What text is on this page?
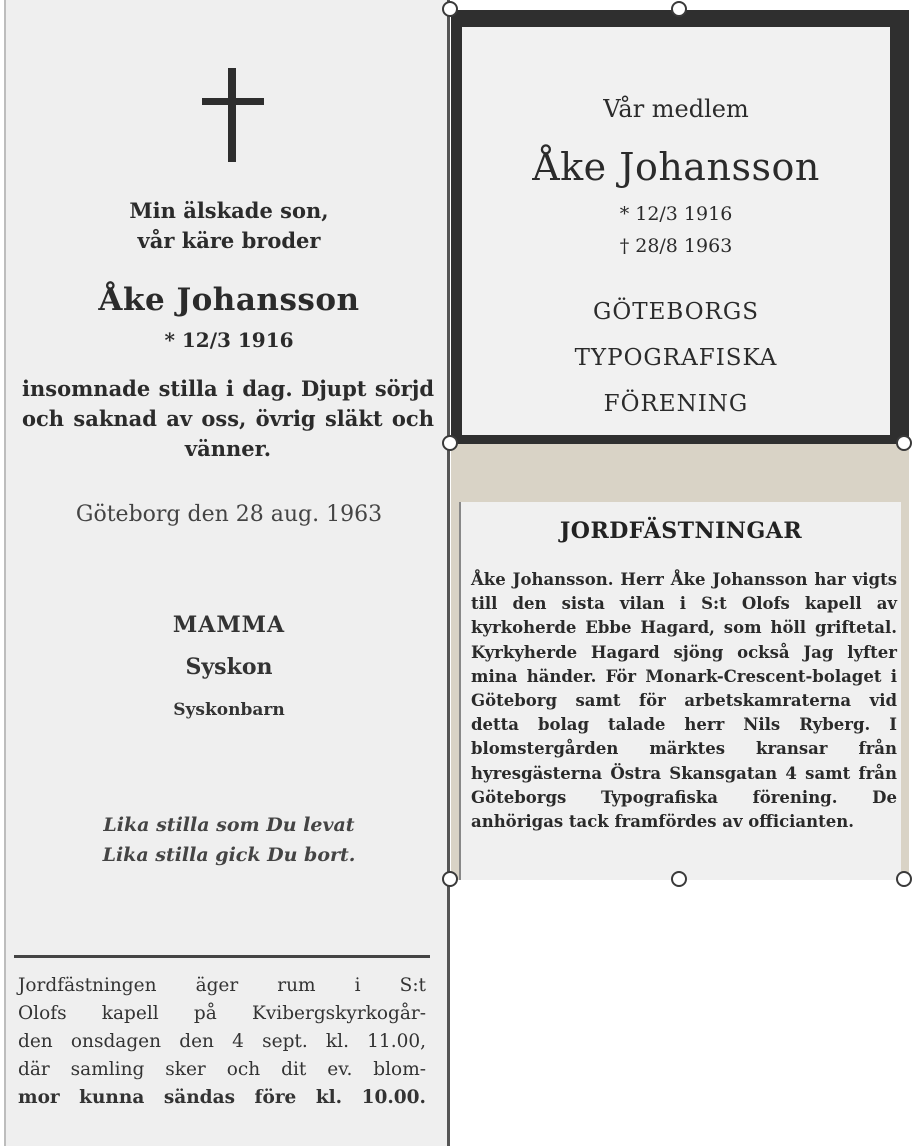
Min älskade son,
vår käre broder
Åke Johansson
* 12/3 1916
insomnade stilla i dag. Djupt sörjd och saknad av oss, övrig släkt och vänner.
Göteborg den 28 aug. 1963
MAMMA
Syskon
Syskonbarn
Lika stilla som Du levat
Lika stilla gick Du bort.
Jordfästningen äger rum i S:t
Olofs kapell på Kvibergskyrkogår-
den onsdagen den 4 sept. kl. 11.00,
där samling sker och dit ev. blom-
mor kunna sändas före kl. 10.00.
Vår medlem
Åke Johansson
* 12/3 1916
† 28/8 1963
GÖTEBORGS
TYPOGRAFISKA
FÖRENING
JORDFÄSTNINGAR
Åke Johansson. Herr Åke Johansson har vigts till den sista vilan i S:t Olofs kapell av kyrkoherde Ebbe Hagard, som höll griftetal. Kyrkyherde Hagard sjöng också Jag lyfter mina händer. För Monark-Crescent-bolaget i Göteborg samt för arbetskamraterna vid detta bolag talade herr Nils Ryberg. I blomstergården märktes kransar från hyresgästerna Östra Skansgatan 4 samt från Göteborgs Typografiska förening. De anhörigas tack framfördes av officianten.
